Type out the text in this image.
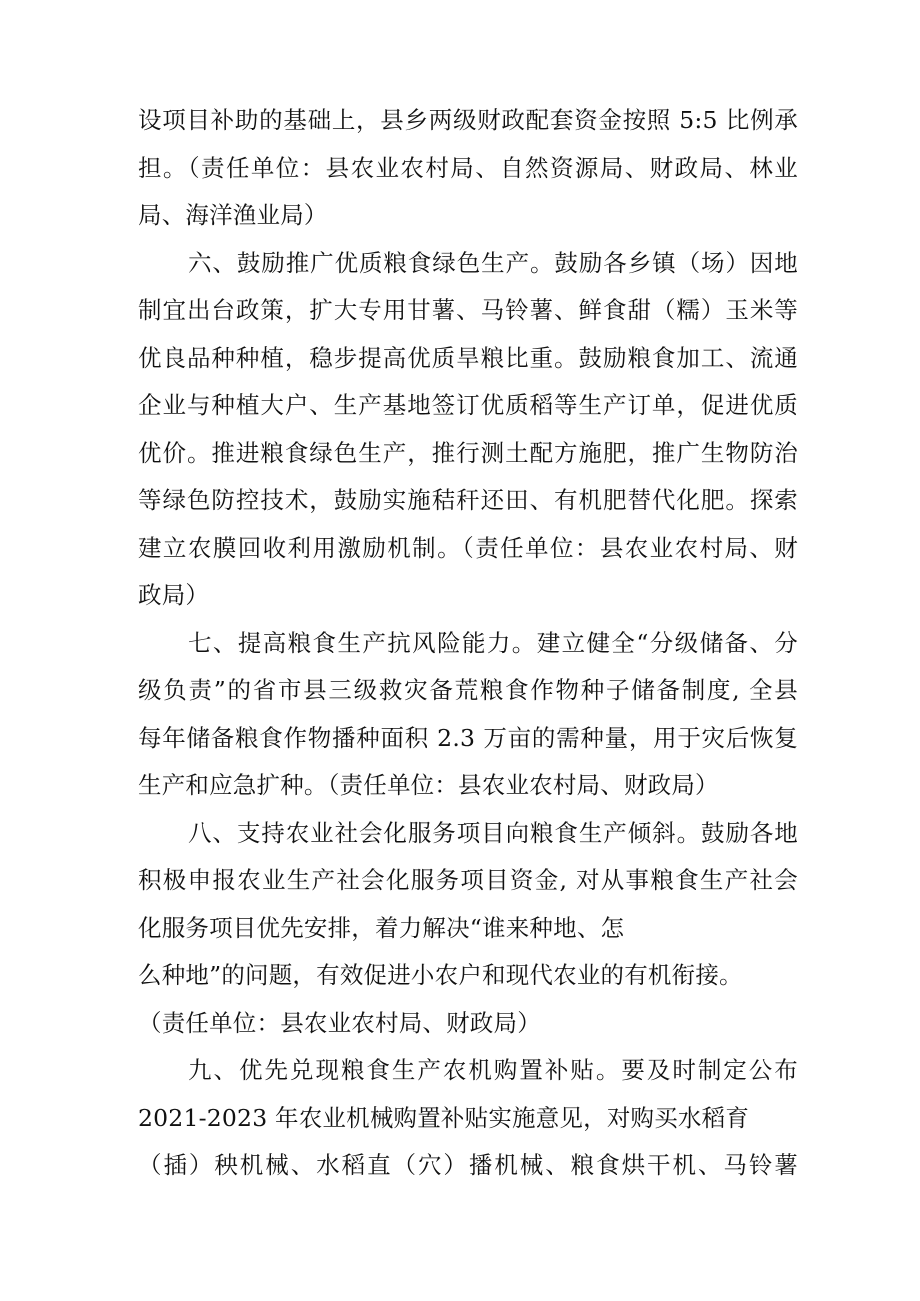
设项目补助的基础上，县乡两级财政配套资金按照 5:5 比例承
担。（责任单位：县农业农村局、自然资源局、财政局、林业
局、海洋渔业局）
六、鼓励推广优质粮食绿色生产。鼓励各乡镇（场）因地
制宜出台政策，扩大专用甘薯、马铃薯、鲜食甜（糯）玉米等
优良品种种植，稳步提高优质旱粮比重。鼓励粮食加工、流通
企业与种植大户、生产基地签订优质稻等生产订单，促进优质
优价。推进粮食绿色生产，推行测土配方施肥，推广生物防治
等绿色防控技术，鼓励实施秸秆还田、有机肥替代化肥。探索
建立农膜回收利用激励机制。（责任单位：县农业农村局、财
政局）
七、提高粮食生产抗风险能力。建立健全“分级储备、分
级负责”的省市县三级救灾备荒粮食作物种子储备制度, 全县
每年储备粮食作物播种面积 2.3 万亩的需种量，用于灾后恢复
生产和应急扩种。（责任单位：县农业农村局、财政局）
八、支持农业社会化服务项目向粮食生产倾斜。鼓励各地
积极申报农业生产社会化服务项目资金, 对从事粮食生产社会
化服务项目优先安排，着力解决“谁来种地、怎
么种地”的问题，有效促进小农户和现代农业的有机衔接。
（责任单位：县农业农村局、财政局）
九、优先兑现粮食生产农机购置补贴。要及时制定公布
2021-2023 年农业机械购置补贴实施意见，对购买水稻育
（插）秧机械、水稻直（穴）播机械、粮食烘干机、马铃薯
